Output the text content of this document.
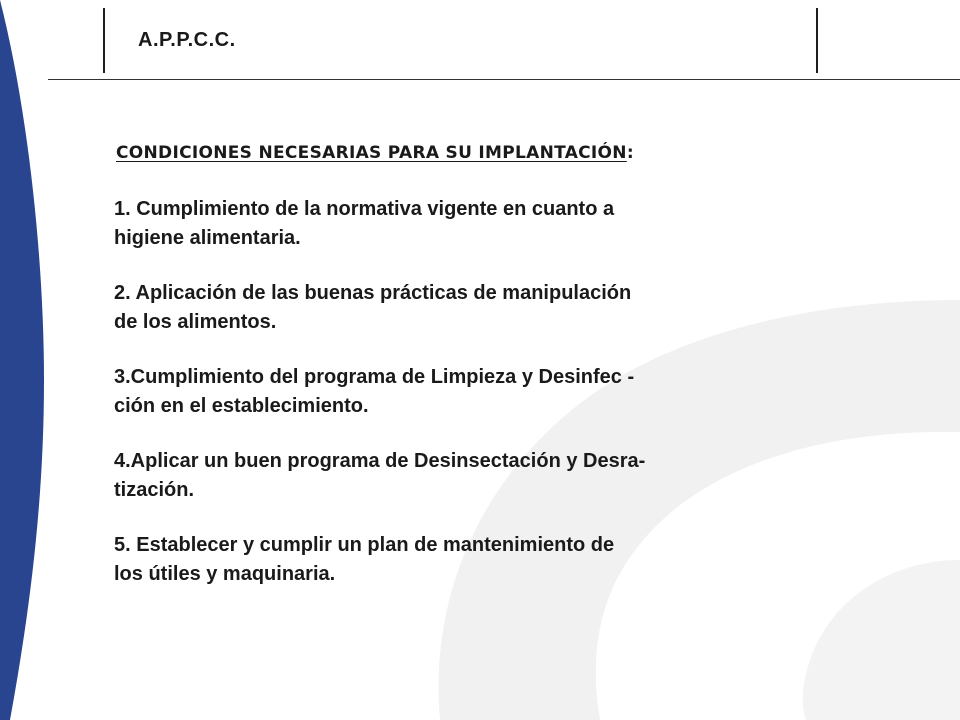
A.P.P.C.C.
CONDICIONES NECESARIAS PARA SU IMPLANTACIÓN:
1. Cumplimiento de la normativa vigente en cuanto a
higiene alimentaria.
2. Aplicación de las buenas prácticas de manipulación
de los alimentos.
3.Cumplimiento del programa de Limpieza y Desinfec -
ción en el establecimiento.
4.Aplicar un buen programa de Desinsectación y Desra-
tización.
5. Establecer y cumplir un plan de mantenimiento de
los útiles y maquinaria.
